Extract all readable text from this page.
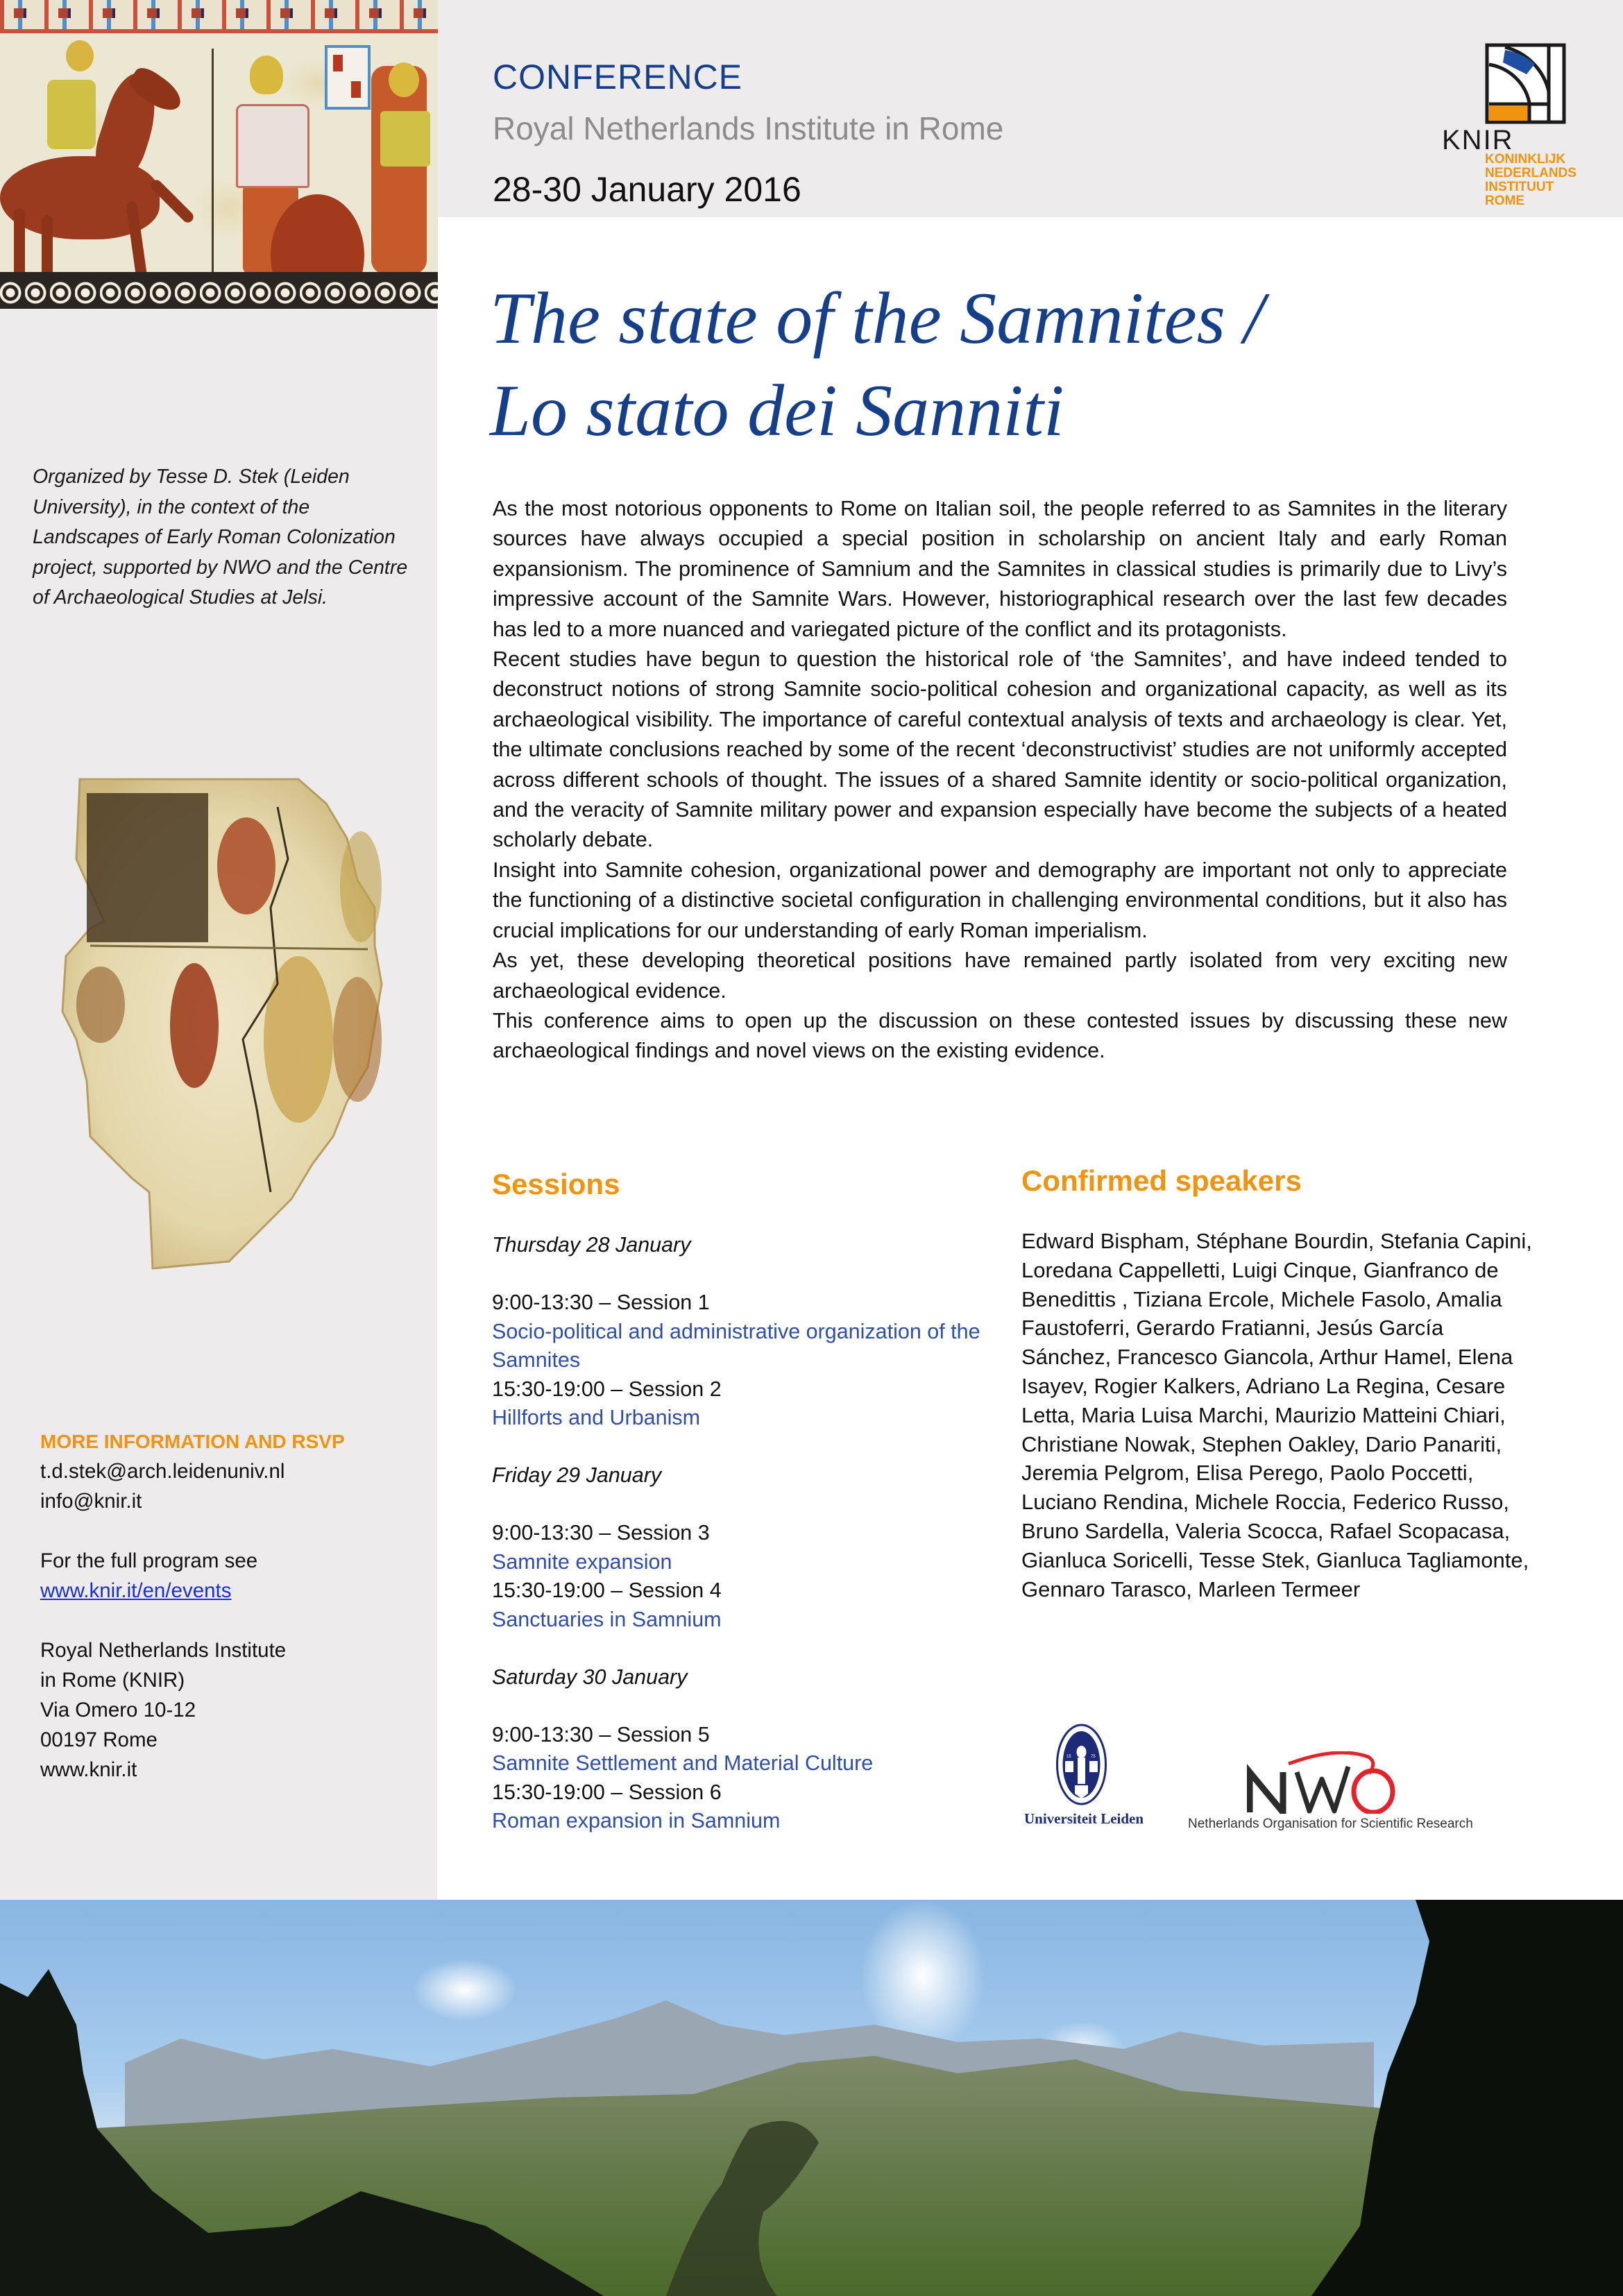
CONFERENCE
Royal Netherlands Institute in Rome
28-30 January 2016
KNIR
KONINKLIJK
NEDERLANDS
INSTITUUT
ROME
The state of the Samnites /
Lo stato dei Sanniti
Organized by Tesse D. Stek (Leiden University), in the context of the Landscapes of Early Roman Colonization project, supported by NWO and the Centre of Archaeological Studies at Jelsi.

As the most notorious opponents to Rome on Italian soil, the people referred to as Samnites in the literary sources have always occupied a special position in scholarship on ancient Italy and early Roman expansionism. The prominence of Samnium and the Samnites in classical studies is primarily due to Livy’s impressive account of the Samnite Wars. However, historiographical research over the last few decades has led to a more nuanced and variegated picture of the conflict and its protagonists.

Recent studies have begun to question the historical role of ‘the Samnites’, and have indeed tended to deconstruct notions of strong Samnite socio-political cohesion and organizational capacity, as well as its archaeological visibility. The importance of careful contextual analysis of texts and archaeology is clear. Yet, the ultimate conclusions reached by some of the recent ‘deconstructivist’ studies are not uniformly accepted across different schools of thought. The issues of a shared Samnite identity or socio-political organization, and the veracity of Samnite military power and expansion especially have become the subjects of a heated scholarly debate.

Insight into Samnite cohesion, organizational power and demography are important not only to appreciate the functioning of a distinctive societal configuration in challenging environmental conditions, but it also has crucial implications for our understanding of early Roman imperialism.

As yet, these developing theoretical positions have remained partly isolated from very exciting new archaeological evidence.

This conference aims to open up the discussion on these contested issues by discussing these new archaeological findings and novel views on the existing evidence.

Sessions
Thursday 28 January
9:00-13:30 – Session 1
Socio-political and administrative organization of the Samnites
15:30-19:00 – Session 2
Hillforts and Urbanism
Friday 29 January
9:00-13:30 – Session 3
Samnite expansion
15:30-19:00 – Session 4
Sanctuaries in Samnium
Saturday 30 January
9:00-13:30 – Session 5
Samnite Settlement and Material Culture
15:30-19:00 – Session 6
Roman expansion in Samnium
Confirmed speakers
Edward Bispham, Stéphane Bourdin, Stefania Capini, Loredana Cappelletti, Luigi Cinque, Gianfranco de Benedittis , Tiziana Ercole, Michele Fasolo, Amalia Faustoferri, Gerardo Fratianni, Jesús García Sánchez, Francesco Giancola, Arthur Hamel, Elena Isayev, Rogier Kalkers, Adriano La Regina, Cesare Letta, Maria Luisa Marchi, Maurizio Matteini Chiari, Christiane Nowak, Stephen Oakley, Dario Panariti, Jeremia Pelgrom, Elisa Perego, Paolo Poccetti, Luciano Rendina, Michele Roccia, Federico Russo, Bruno Sardella, Valeria Scocca, Rafael Scopacasa, Gianluca Soricelli, Tesse Stek, Gianluca Tagliamonte, Gennaro Tarasco, Marleen Termeer
15	75
Universiteit Leiden	Netherlands Organisation for Scientific Research
MORE INFORMATION AND RSVP
t.d.stek@arch.leidenuniv.nl
info@knir.it
For the full program see
www.knir.it/en/events
Royal Netherlands Institute
in Rome (KNIR)
Via Omero 10-12
00197 Rome
www.knir.it
